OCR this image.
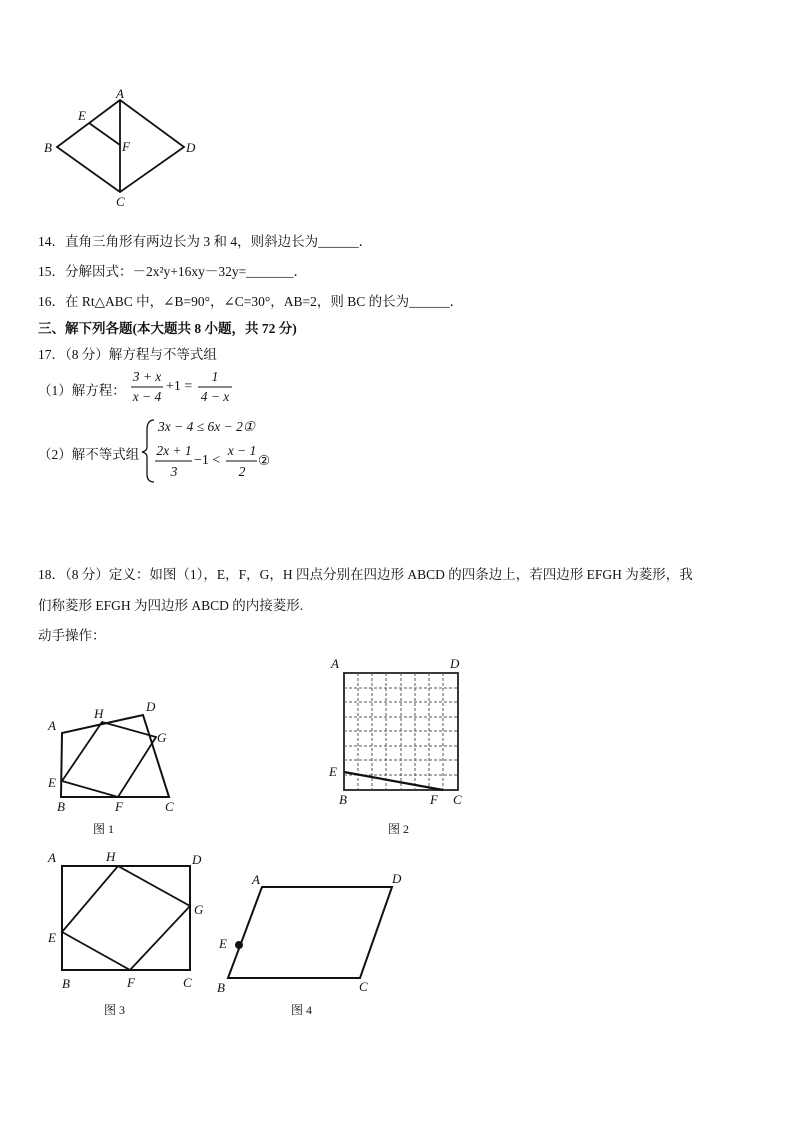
A
E
B	F	D
C
14．直角三角形有两边长为 3 和 4，则斜边长为______．
15．分解因式：－2x²y+16xy－32y=_______．
16．在 Rt△ABC 中，∠B=90°，∠C=30°，AB=2，则 BC 的长为______．
三、解下列各题(本大题共 8 小题，共 72 分)
17．（8 分）解方程与不等式组
（1）解方程：
3 + x
x − 4
+1 =
1
4 − x
（2）解不等式组
3x − 4 ≤ 6x − 2①
2x + 1
3
−1 <
x − 1
2
②
18．（8 分）定义：如图（1），E，F，G，H 四点分别在四边形 ABCD 的四条边上，若四边形 EFGH 为菱形，我
们称菱形 EFGH 为四边形 ABCD 的内接菱形.
动手操作：
A
H	D
G
E
B	F	C
图 1
A	D
E
B	F C
图 2
A	H	D
G
E
B	F	C
图 3
A	D
E
B	C
图 4
